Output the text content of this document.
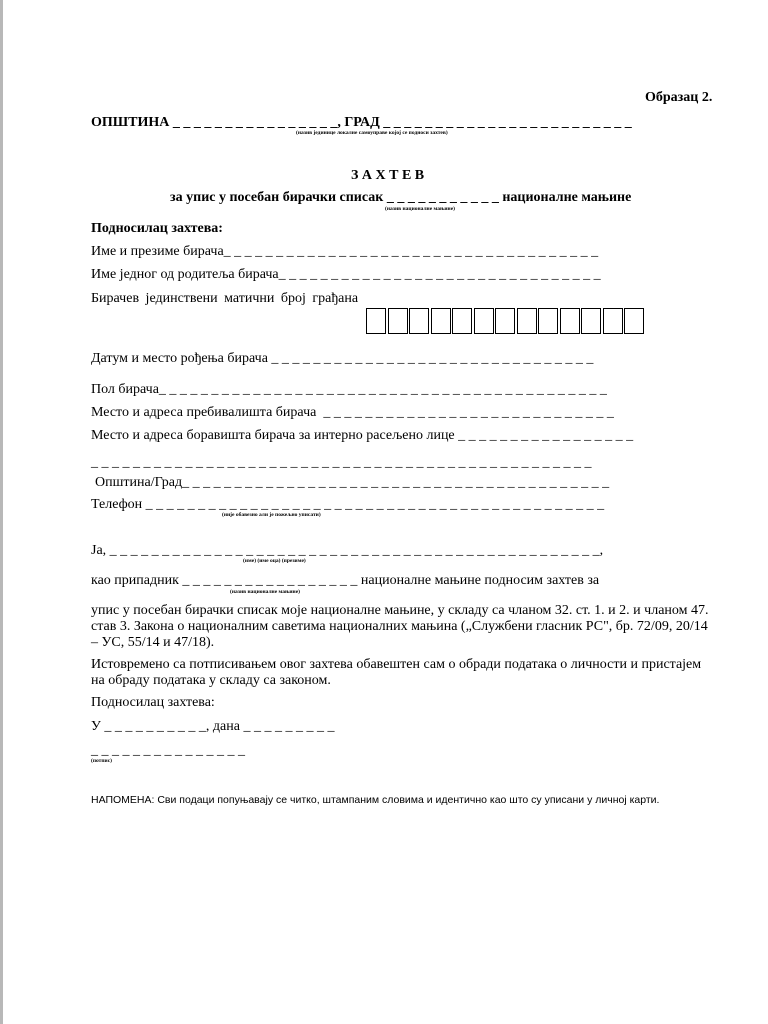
Образац 2.
ОПШТИНА _ _ _ _ _ _ _ _ _ _ _ _ _ _ _ _, ГРАД _ _ _ _ _ _ _ _ _ _ _ _ _ _ _ _ _ _ _ _ _ _ _ _
(назив јединице локалне самоуправе којој се подноси захтев)
З А Х Т Е В
за упис у посебан бирачки списак _ _ _ _ _ _ _ _ _ _ _ националне мањине
(назив националне мањине)
Подносилац захтева:
Име и презиме бирача_ _ _ _ _ _ _ _ _ _ _ _ _ _ _ _ _ _ _ _ _ _ _ _ _ _ _ _ _ _ _ _ _ _ _ _
Име једног од родитеља бирача_ _ _ _ _ _ _ _ _ _ _ _ _ _ _ _ _ _ _ _ _ _ _ _ _ _ _ _ _ _ _
Бирачев јединствени матични број грађана
Датум и место рођења бирача _ _ _ _ _ _ _ _ _ _ _ _ _ _ _ _ _ _ _ _ _ _ _ _ _ _ _ _ _ _ _
Пол бирача_ _ _ _ _ _ _ _ _ _ _ _ _ _ _ _ _ _ _ _ _ _ _ _ _ _ _ _ _ _ _ _ _ _ _ _ _ _ _ _ _ _ _
Место и адреса пребивалишта бирача  _ _ _ _ _ _ _ _ _ _ _ _ _ _ _ _ _ _ _ _ _ _ _ _ _ _ _ _
Место и адреса боравишта бирача за интерно расељено лице _ _ _ _ _ _ _ _ _ _ _ _ _ _ _ _ _
_ _ _ _ _ _ _ _ _ _ _ _ _ _ _ _ _ _ _ _ _ _ _ _ _ _ _ _ _ _ _ _ _ _ _ _ _ _ _ _ _ _ _ _ _ _ _ _
Општина/Град_ _ _ _ _ _ _ _ _ _ _ _ _ _ _ _ _ _ _ _ _ _ _ _ _ _ _ _ _ _ _ _ _ _ _ _ _ _ _ _ _
Телефон _ _ _ _ _ _ _ _ _ _ _ _ _ _ _ _ _ _ _ _ _ _ _ _ _ _ _ _ _ _ _ _ _ _ _ _ _ _ _ _ _ _ _ _
(није обавезно али је пожељно уписати)
Ја, _ _ _ _ _ _ _ _ _ _ _ _ _ _ _ _ _ _ _ _ _ _ _ _ _ _ _ _ _ _ _ _ _ _ _ _ _ _ _ _ _ _ _ _ _ _ _,
(име) (име оца) (презиме)
као припадник _ _ _ _ _ _ _ _ _ _ _ _ _ _ _ _ _ националне мањине подносим захтев за
(назив националне мањине)
упис у посебан бирачки списак моје националне мањине, у складу са чланом 32. ст. 1. и 2. и чланом 47. став 3. Закона о националним саветима националних мањина („Службени гласник РС", бр. 72/09, 20/14 – УС, 55/14 и 47/18).
Истовремено са потписивањем овог захтева обавештен сам о обради података о личности и пристајем на обраду података у складу са законом.
Подносилац захтева:
У _ _ _ _ _ _ _ _ _ _, дана _ _ _ _ _ _ _ _ _
_ _ _ _ _ _ _ _ _ _ _ _ _ _ _
(потпис)
НАПОМЕНА: Сви подаци попуњавају се читко, штампаним словима и идентично као што су уписани у личној карти.
